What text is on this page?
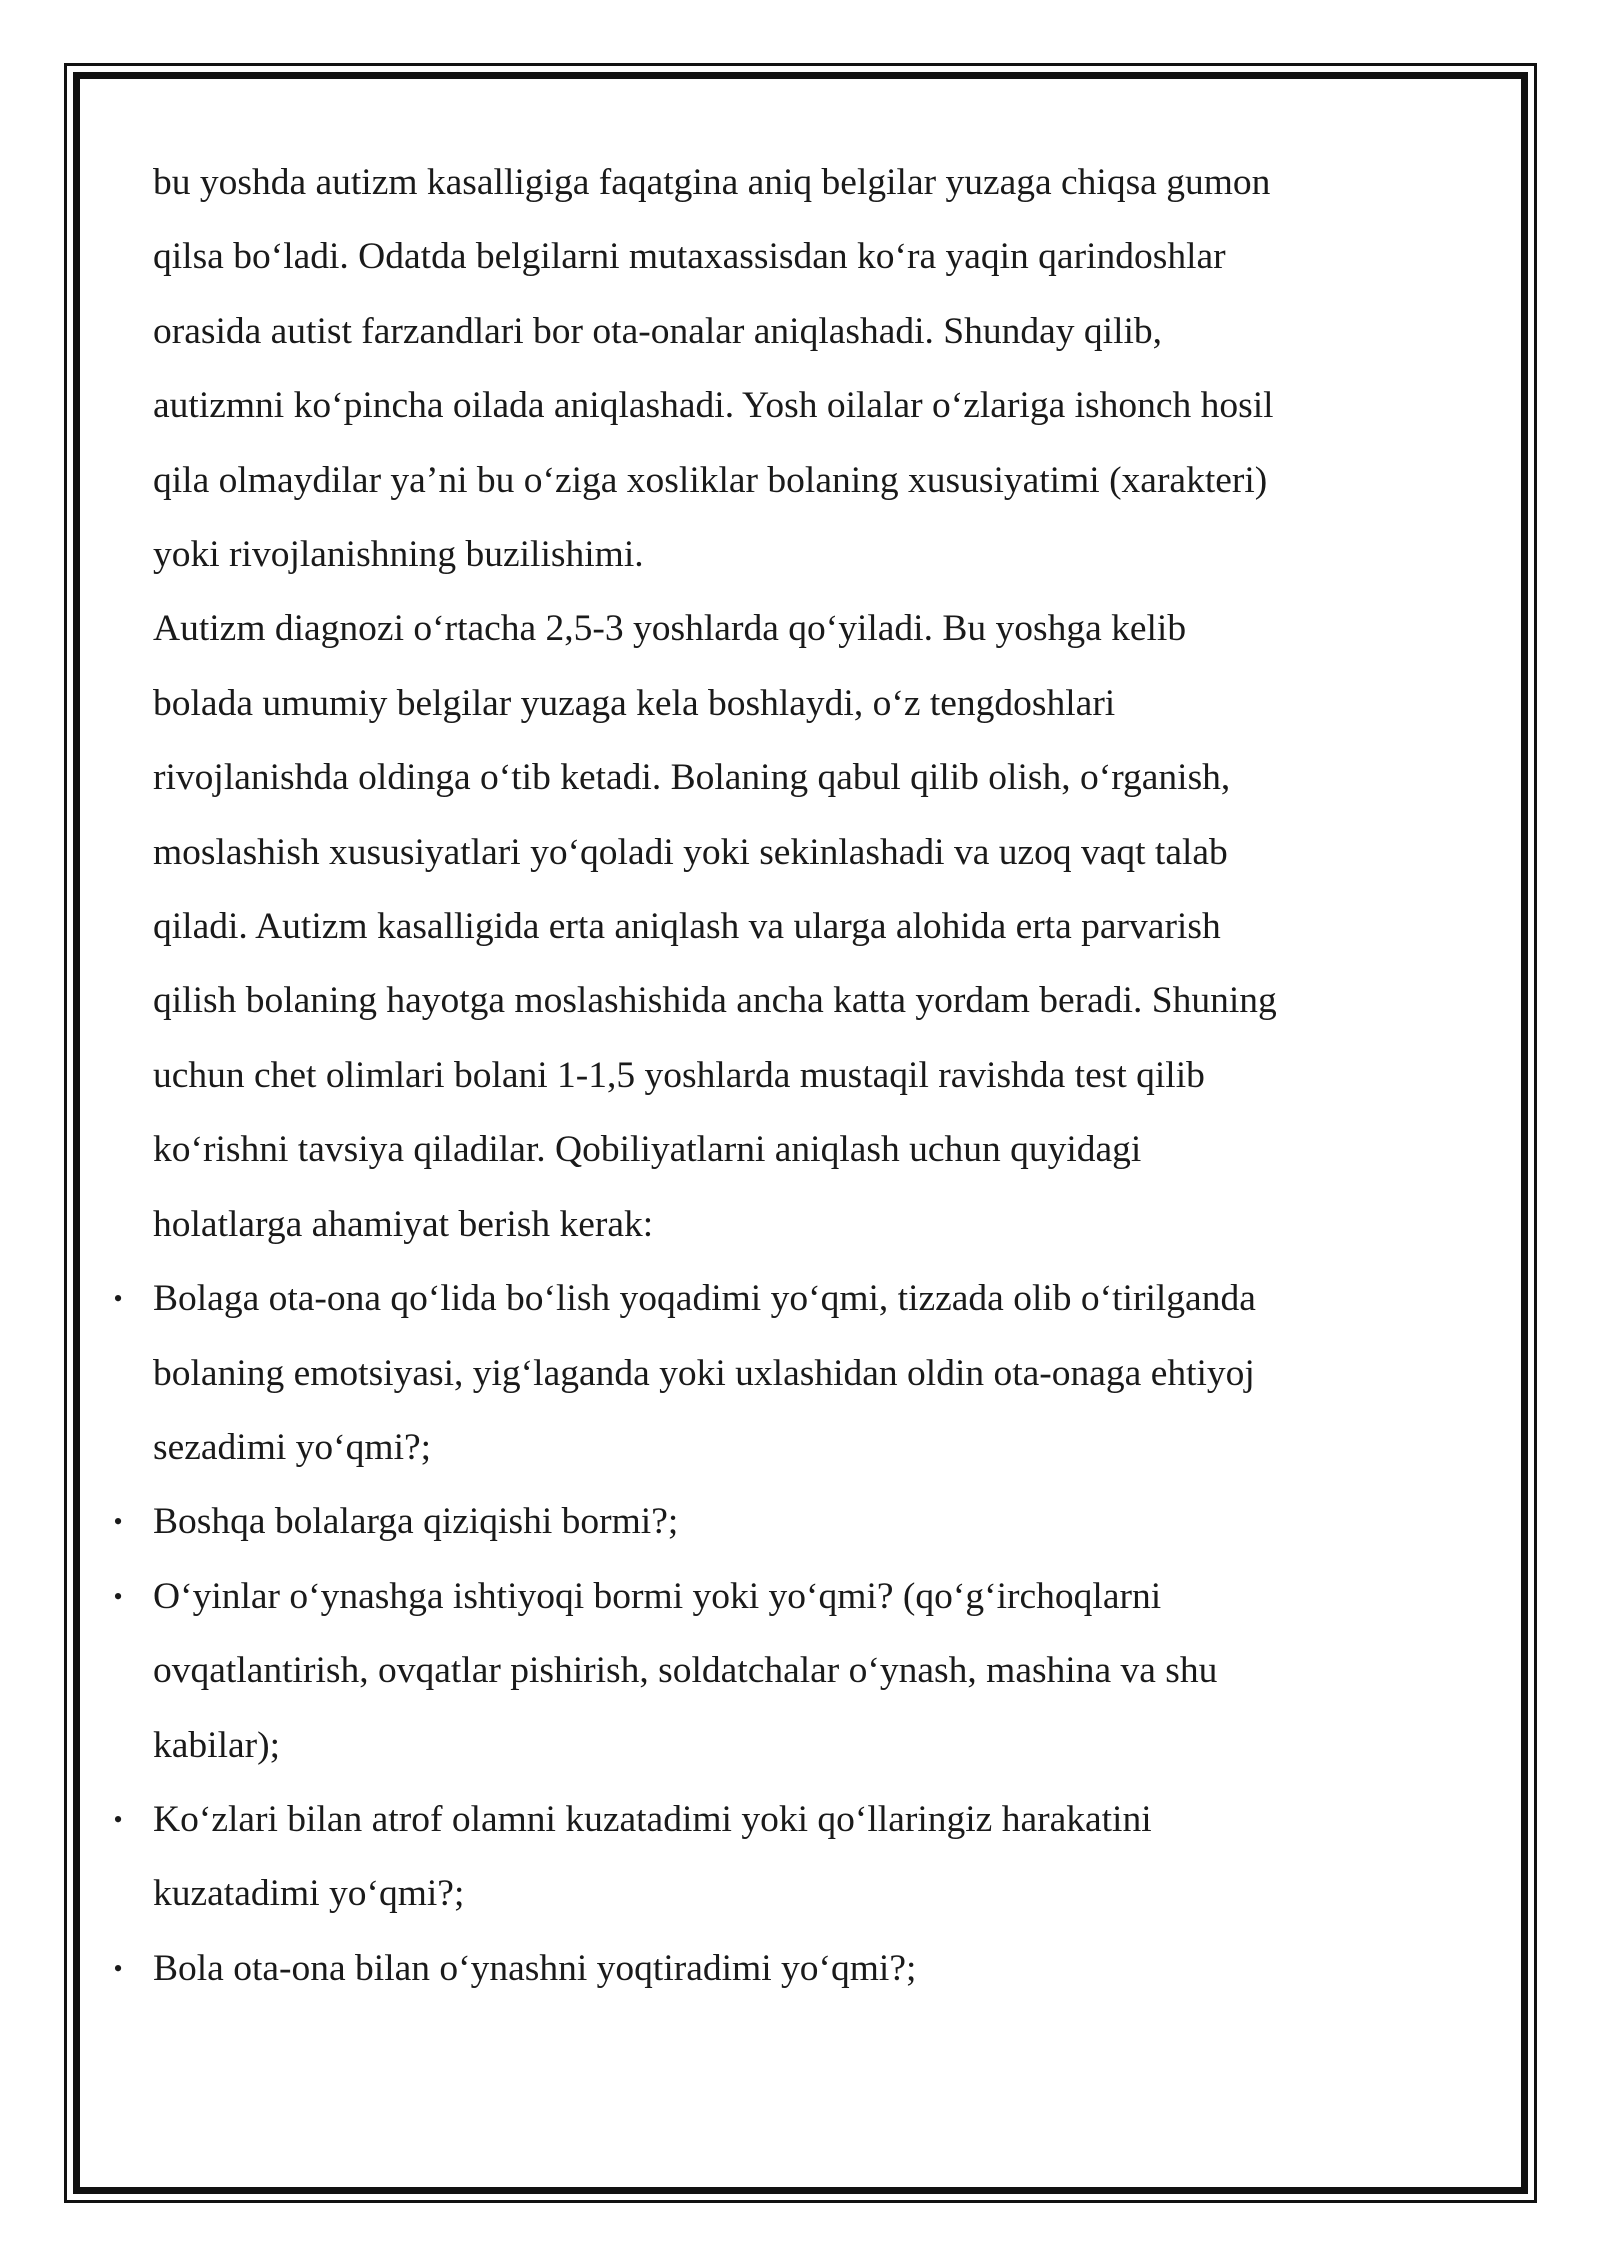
bu yoshda autizm kasalligiga faqatgina aniq belgilar yuzaga chiqsa gumon
qilsa bo‘ladi. Odatda belgilarni mutaxassisdan ko‘ra yaqin qarindoshlar
orasida autist farzandlari bor ota-onalar aniqlashadi. Shunday qilib,
autizmni ko‘pincha oilada aniqlashadi. Yosh oilalar o‘zlariga ishonch hosil
qila olmaydilar ya’ni bu o‘ziga xosliklar bolaning xususiyatimi (xarakteri)
yoki rivojlanishning buzilishimi.
Autizm diagnozi o‘rtacha 2,5-3 yoshlarda qo‘yiladi. Bu yoshga kelib
bolada umumiy belgilar yuzaga kela boshlaydi, o‘z tengdoshlari
rivojlanishda oldinga o‘tib ketadi. Bolaning qabul qilib olish, o‘rganish,
moslashish xususiyatlari yo‘qoladi yoki sekinlashadi va uzoq vaqt talab
qiladi. Autizm kasalligida erta aniqlash va ularga alohida erta parvarish
qilish bolaning hayotga moslashishida ancha katta yordam beradi. Shuning
uchun chet olimlari bolani 1-1,5 yoshlarda mustaqil ravishda test qilib
ko‘rishni tavsiya qiladilar. Qobiliyatlarni aniqlash uchun quyidagi
holatlarga ahamiyat berish kerak:
• Bolaga ota-ona qo‘lida bo‘lish yoqadimi yo‘qmi, tizzada olib o‘tirilganda
bolaning emotsiyasi, yig‘laganda yoki uxlashidan oldin ota-onaga ehtiyoj
sezadimi yo‘qmi?;
• Boshqa bolalarga qiziqishi bormi?;
• O‘yinlar o‘ynashga ishtiyoqi bormi yoki yo‘qmi? (qo‘g‘irchoqlarni
ovqatlantirish, ovqatlar pishirish, soldatchalar o‘ynash, mashina va shu
kabilar);
• Ko‘zlari bilan atrof olamni kuzatadimi yoki qo‘llaringiz harakatini
kuzatadimi yo‘qmi?;
• Bola ota-ona bilan o‘ynashni yoqtiradimi yo‘qmi?;
